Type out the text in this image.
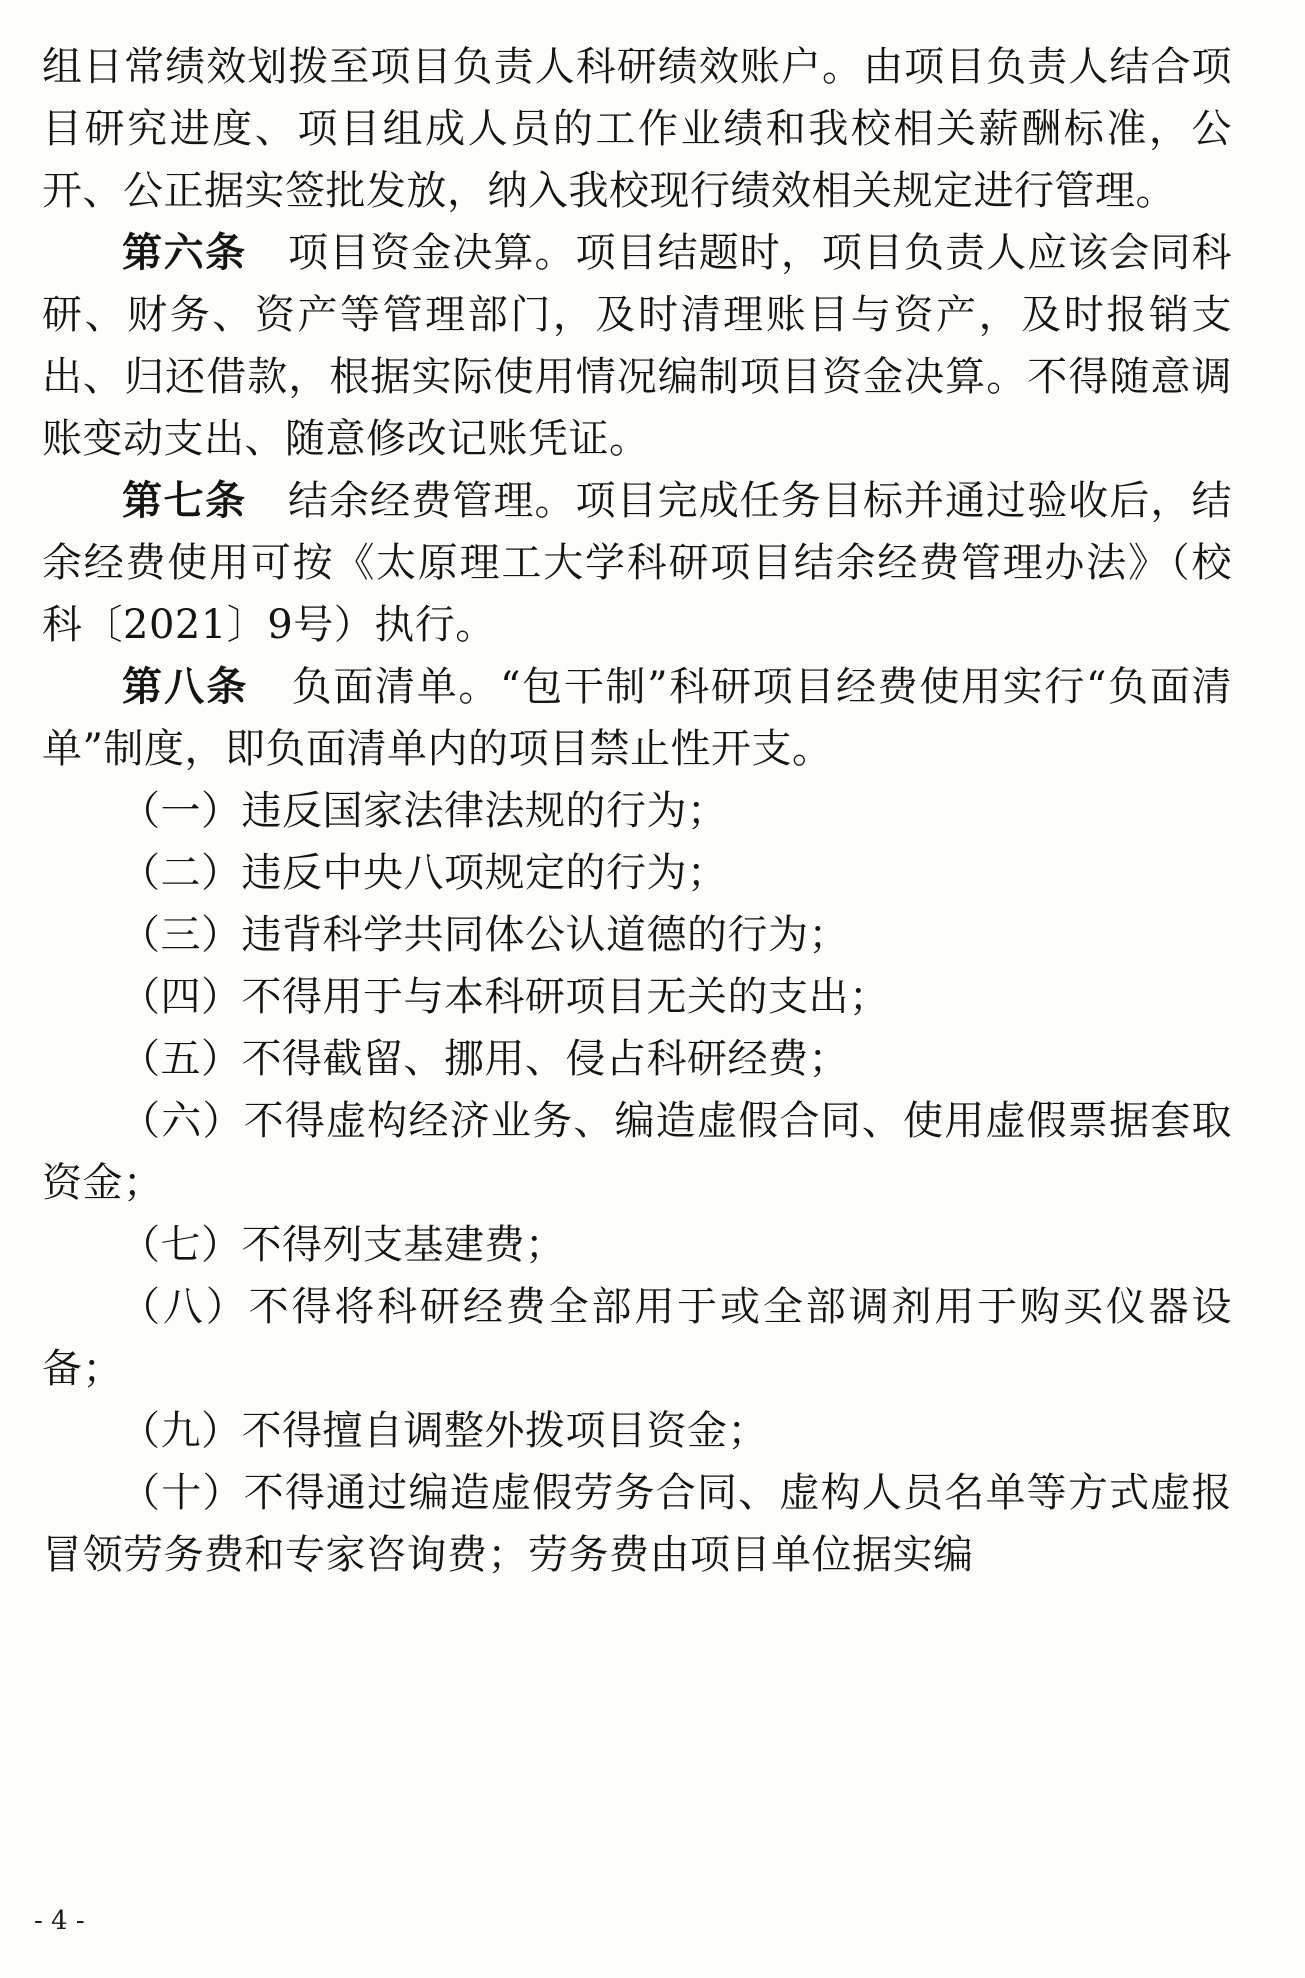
组日常绩效划拨至项目负责人科研绩效账户。由项目负责人结合项目研究进度、项目组成人员的工作业绩和我校相关薪酬标准，公开、公正据实签批发放，纳入我校现行绩效相关规定进行管理。

第六条 项目资金决算。项目结题时，项目负责人应该会同科研、财务、资产等管理部门，及时清理账目与资产，及时报销支出、归还借款，根据实际使用情况编制项目资金决算。不得随意调账变动支出、随意修改记账凭证。

第七条 结余经费管理。项目完成任务目标并通过验收后，结余经费使用可按《太原理工大学科研项目结余经费管理办法》（校科〔2021〕9号）执行。

第八条 负面清单。“包干制”科研项目经费使用实行“负面清单”制度，即负面清单内的项目禁止性开支。

（一）违反国家法律法规的行为；

（二）违反中央八项规定的行为；

（三）违背科学共同体公认道德的行为；

（四）不得用于与本科研项目无关的支出；

（五）不得截留、挪用、侵占科研经费；

（六）不得虚构经济业务、编造虚假合同、使用虚假票据套取资金；

（七）不得列支基建费；

（八）不得将科研经费全部用于或全部调剂用于购买仪器设备；

（九）不得擅自调整外拨项目资金；

（十）不得通过编造虚假劳务合同、虚构人员名单等方式虚报冒领劳务费和专家咨询费；劳务费由项目单位据实编

- 4 -
